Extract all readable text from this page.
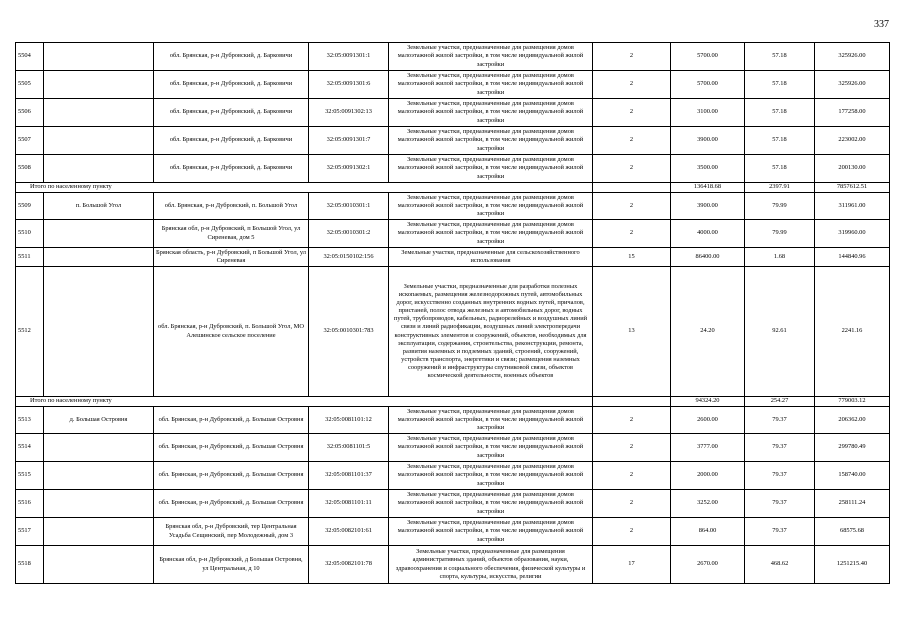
337
5504		обл. Брянская, р-н Дубровский, д. Барковичи	32:05:0091301:1	Земельные участки, предназначенные для размещения домов малоэтажной жилой застройки, в том числе индивидуальной жилой застройки	2	5700.00	57.18	325926.00
5505		обл. Брянская, р-н Дубровский, д. Барковичи	32:05:0091301:6	Земельные участки, предназначенные для размещения домов малоэтажной жилой застройки, в том числе индивидуальной жилой застройки	2	5700.00	57.18	325926.00
5506		обл. Брянская, р-н Дубровский, д. Барковичи	32:05:0091302:13	Земельные участки, предназначенные для размещения домов малоэтажной жилой застройки, в том числе индивидуальной жилой застройки	2	3100.00	57.18	177258.00
5507		обл. Брянская, р-н Дубровский, д. Барковичи	32:05:0091301:7	Земельные участки, предназначенные для размещения домов малоэтажной жилой застройки, в том числе индивидуальной жилой застройки	2	3900.00	57.18	223002.00
5508		обл. Брянская, р-н Дубровский, д. Барковичи	32:05:0091302:1	Земельные участки, предназначенные для размещения домов малоэтажной жилой застройки, в том числе индивидуальной жилой застройки	2	3500.00	57.18	200130.00
Итого по населенному пункту						136418.68	2397.91	7857612.51
5509	п. Большой Угол	обл. Брянская, р-н Дубровский, п. Большой Угол	32:05:0010301:1	Земельные участки, предназначенные для размещения домов малоэтажной жилой застройки, в том числе индивидуальной жилой застройки	2	3900.00	79.99	311961.00
5510		Брянская обл, р-н Дубровский, п Большой Угол, ул Сиреневая, дом 5	32:05:0010301:2	Земельные участки, предназначенные для размещения домов малоэтажной жилой застройки, в том числе индивидуальной жилой застройки	2	4000.00	79.99	319960.00
5511		Брянская область, р-н Дубровский, п Большой Угол, ул Сиреневая	32:05:0150102:156	Земельные участки, предназначенные для сельскохозяйственного использования	15	86400.00	1.68	144840.96
5512		обл. Брянская, р-н Дубровский, п. Большой Угол, МО Алешинское сельское поселение	32:05:0010301:783	Земельные участки, предназначенные для разработки полезных ископаемых, размещения железнодорожных путей, автомобильных дорог, искусственно созданных внутренних водных путей, причалов, пристаней, полос отвода железных и автомобильных дорог, водных путей, трубопроводов, кабельных, радиорелейных и воздушных линий связи и линий радиофикации, воздушных линий электропередачи конструктивных элементов и сооружений, объектов, необходимых для эксплуатации, содержания, строительства, реконструкции, ремонта, развития наземных и подземных зданий, строений, сооружений, устройств транспорта, энергетики и связи; размещения наземных сооружений и инфраструктуры спутниковой связи, объектов космической деятельности, военных объектов	13	24.20	92.61	2241.16
Итого по населенному пункту						94324.20	254.27	779003.12
5513	д. Большая Островня	обл. Брянская, р-н Дубровский, д. Большая Островня	32:05:0081101:12	Земельные участки, предназначенные для размещения домов малоэтажной жилой застройки, в том числе индивидуальной жилой застройки	2	2600.00	79.37	206362.00
5514		обл. Брянская, р-н Дубровский, д. Большая Островня	32:05:0081101:5	Земельные участки, предназначенные для размещения домов малоэтажной жилой застройки, в том числе индивидуальной жилой застройки	2	3777.00	79.37	299780.49
5515		обл. Брянская, р-н Дубровский, д. Большая Островня	32:05:0081101:37	Земельные участки, предназначенные для размещения домов малоэтажной жилой застройки, в том числе индивидуальной жилой застройки	2	2000.00	79.37	158740.00
5516		обл. Брянская, р-н Дубровский, д. Большая Островня	32:05:0081101:11	Земельные участки, предназначенные для размещения домов малоэтажной жилой застройки, в том числе индивидуальной жилой застройки	2	3252.00	79.37	258111.24
5517		Брянская обл, р-н Дубровский, тер Центральная Усадьба Сещинский, пер Молодежный, дом 3	32:05:0082101:61	Земельные участки, предназначенные для размещения домов малоэтажной жилой застройки, в том числе индивидуальной жилой застройки	2	864.00	79.37	68575.68
5518		Брянская обл, р-н Дубровский, д Большая Островня, ул Центральная, д 10	32:05:0082101:78	Земельные участки, предназначенные для размещения административных зданий, объектов образования, науки, здравоохранения и социального обеспечения, физической культуры и спорта, культуры, искусства, религии	17	2670.00	468.62	1251215.40
